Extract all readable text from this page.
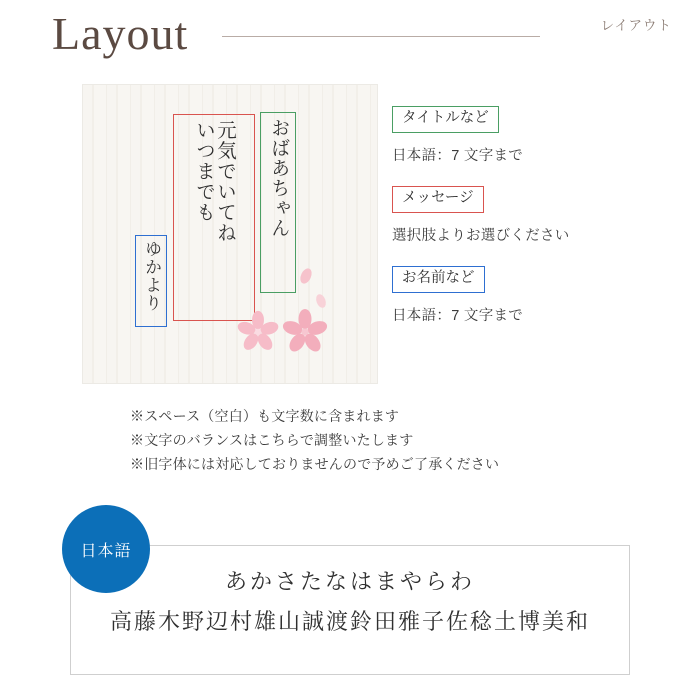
Layout	レイアウト
おばあちゃん
いつまでも 元気でいてね
ゆかより
タイトルなど
日本語：7 文字まで
メッセージ
選択肢よりお選びください
お名前など
日本語：7 文字まで
※スペース（空白）も文字数に含まれます
※文字のバランスはこちらで調整いたします
※旧字体には対応しておりませんので予めご了承ください
日本語
あかさたなはまやらわ
高藤木野辺村雄山誠渡鈴田雅子佐稔土博美和
